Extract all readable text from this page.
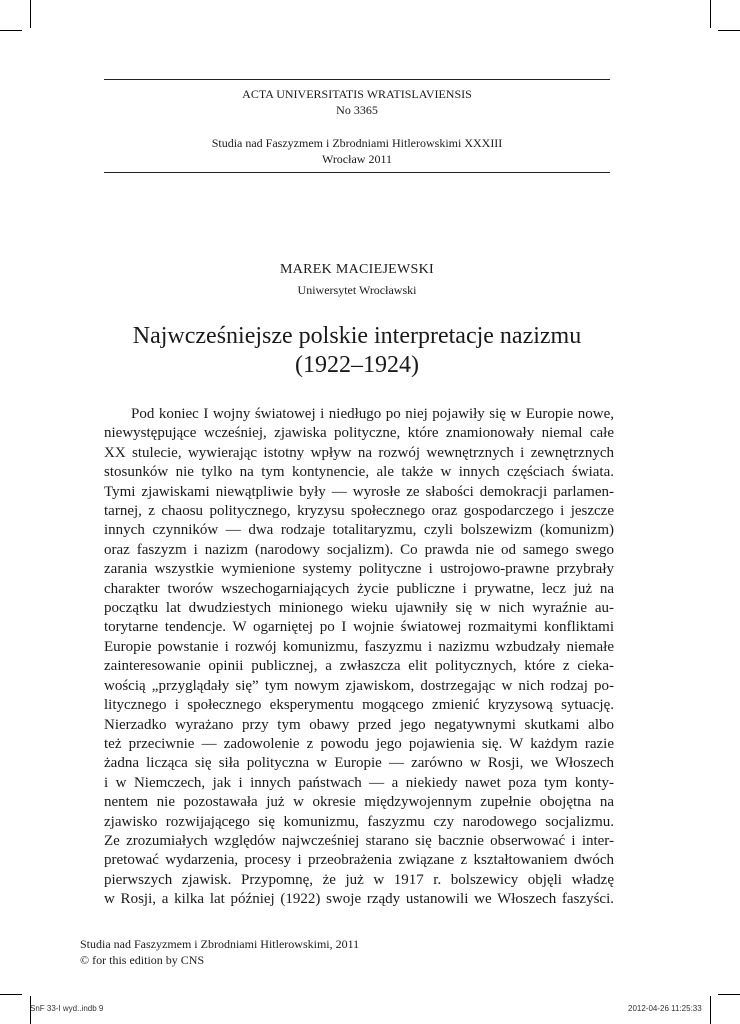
ACTA UNIVERSITATIS WRATISLAVIENSIS
No 3365
Studia nad Faszyzmem i Zbrodniami Hitlerowskimi XXXIII
Wrocław 2011
MAREK MACIEJEWSKI
Uniwersytet Wrocławski
Najwcześniejsze polskie interpretacje nazizmu
(1922–1924)
Pod koniec I wojny światowej i niedługo po niej pojawiły się w Europie nowe,
niewystępujące wcześniej, zjawiska polityczne, które znamionowały niemal całe
XX stulecie, wywierając istotny wpływ na rozwój wewnętrznych i zewnętrznych
stosunków nie tylko na tym kontynencie, ale także w innych częściach świata.
Tymi zjawiskami niewątpliwie były — wyrosłe ze słabości demokracji parlamen-
tarnej, z chaosu politycznego, kryzysu społecznego oraz gospodarczego i jeszcze
innych czynników — dwa rodzaje totalitaryzmu, czyli bolszewizm (komunizm)
oraz faszyzm i nazizm (narodowy socjalizm). Co prawda nie od samego swego
zarania wszystkie wymienione systemy polityczne i ustrojowo-prawne przybrały
charakter tworów wszechogarniających życie publiczne i prywatne, lecz już na
początku lat dwudziestych minionego wieku ujawniły się w nich wyraźnie au-
torytarne tendencje. W ogarniętej po I wojnie światowej rozmaitymi konfliktami
Europie powstanie i rozwój komunizmu, faszyzmu i nazizmu wzbudzały niemałe
zainteresowanie opinii publicznej, a zwłaszcza elit politycznych, które z cieka-
wością „przyglądały się” tym nowym zjawiskom, dostrzegając w nich rodzaj po-
litycznego i społecznego eksperymentu mogącego zmienić kryzysową sytuację.
Nierzadko wyrażano przy tym obawy przed jego negatywnymi skutkami albo
też przeciwnie — zadowolenie z powodu jego pojawienia się. W każdym razie
żadna licząca się siła polityczna w Europie — zarówno w Rosji, we Włoszech
i w Niemczech, jak i innych państwach — a niekiedy nawet poza tym konty-
nentem nie pozostawała już w okresie międzywojennym zupełnie obojętna na
zjawisko rozwijającego się komunizmu, faszyzmu czy narodowego socjalizmu.
Ze zrozumiałych względów najwcześniej starano się bacznie obserwować i inter-
pretować wydarzenia, procesy i przeobrażenia związane z kształtowaniem dwóch
pierwszych zjawisk. Przypomnę, że już w 1917 r. bolszewicy objęli władzę
w Rosji, a kilka lat później (1922) swoje rządy ustanowili we Włoszech faszyści.
Studia nad Faszyzmem i Zbrodniami Hitlerowskimi, 2011
© for this edition by CNS
SnF 33-I wyd..indb 9	2012-04-26 11:25:33
